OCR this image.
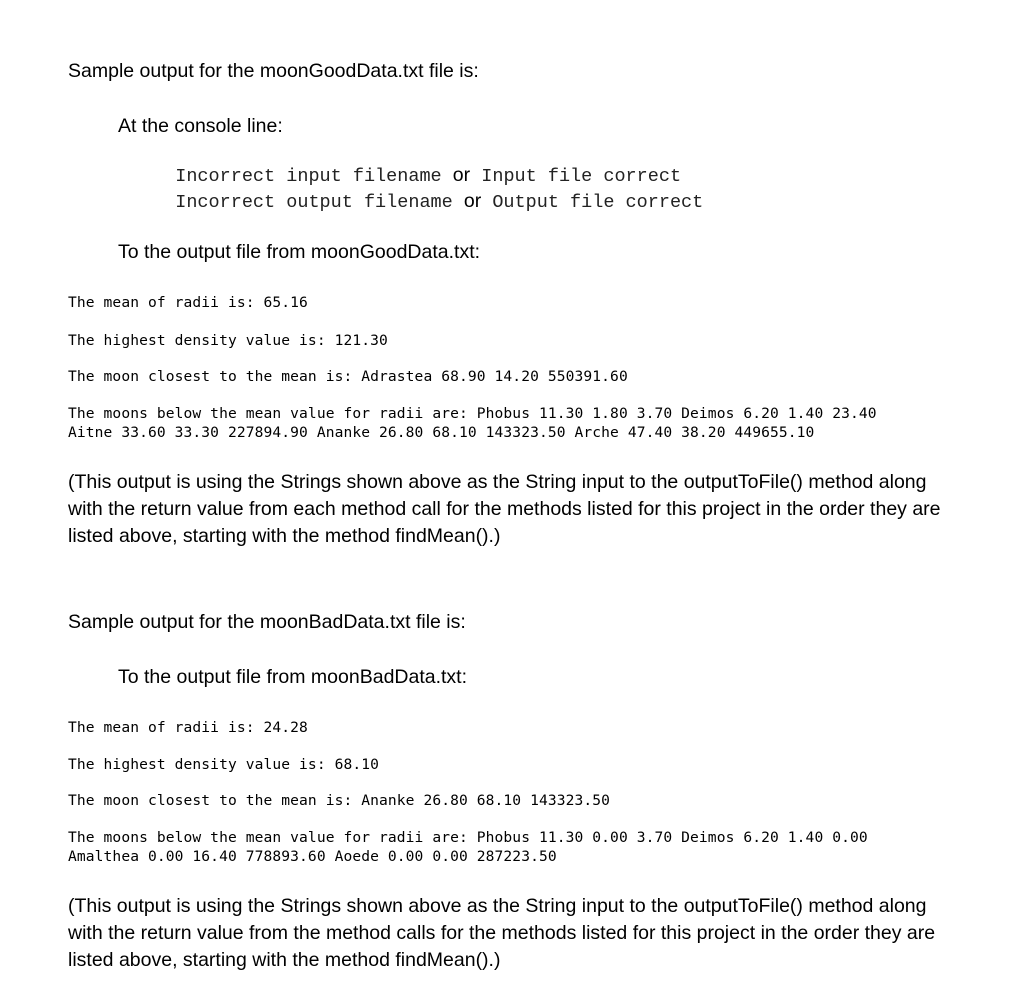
Sample output for the moonGoodData.txt file is:
At the console line:

Incorrect input filename or Input file correct

Incorrect output filename or Output file correct

To the output file from moonGoodData.txt:
The mean of radii is: 65.16
The highest density value is: 121.30
The moon closest to the mean is: Adrastea 68.90 14.20 550391.60
The moons below the mean value for radii are: Phobus 11.30 1.80 3.70 Deimos 6.20 1.40 23.40
Aitne 33.60 33.30 227894.90 Ananke 26.80 68.10 143323.50 Arche 47.40 38.20 449655.10
(This output is using the Strings shown above as the String input to the outputToFile() method along with the return value from each method call for the methods listed for this project in the order they are listed above, starting with the method findMean().)
Sample output for the moonBadData.txt file is:
To the output file from moonBadData.txt:
The mean of radii is: 24.28
The highest density value is: 68.10
The moon closest to the mean is: Ananke 26.80 68.10 143323.50
The moons below the mean value for radii are: Phobus 11.30 0.00 3.70 Deimos 6.20 1.40 0.00
Amalthea 0.00 16.40 778893.60 Aoede 0.00 0.00 287223.50
(This output is using the Strings shown above as the String input to the outputToFile() method along with the return value from the method calls for the methods listed for this project in the order they are listed above, starting with the method findMean().)
